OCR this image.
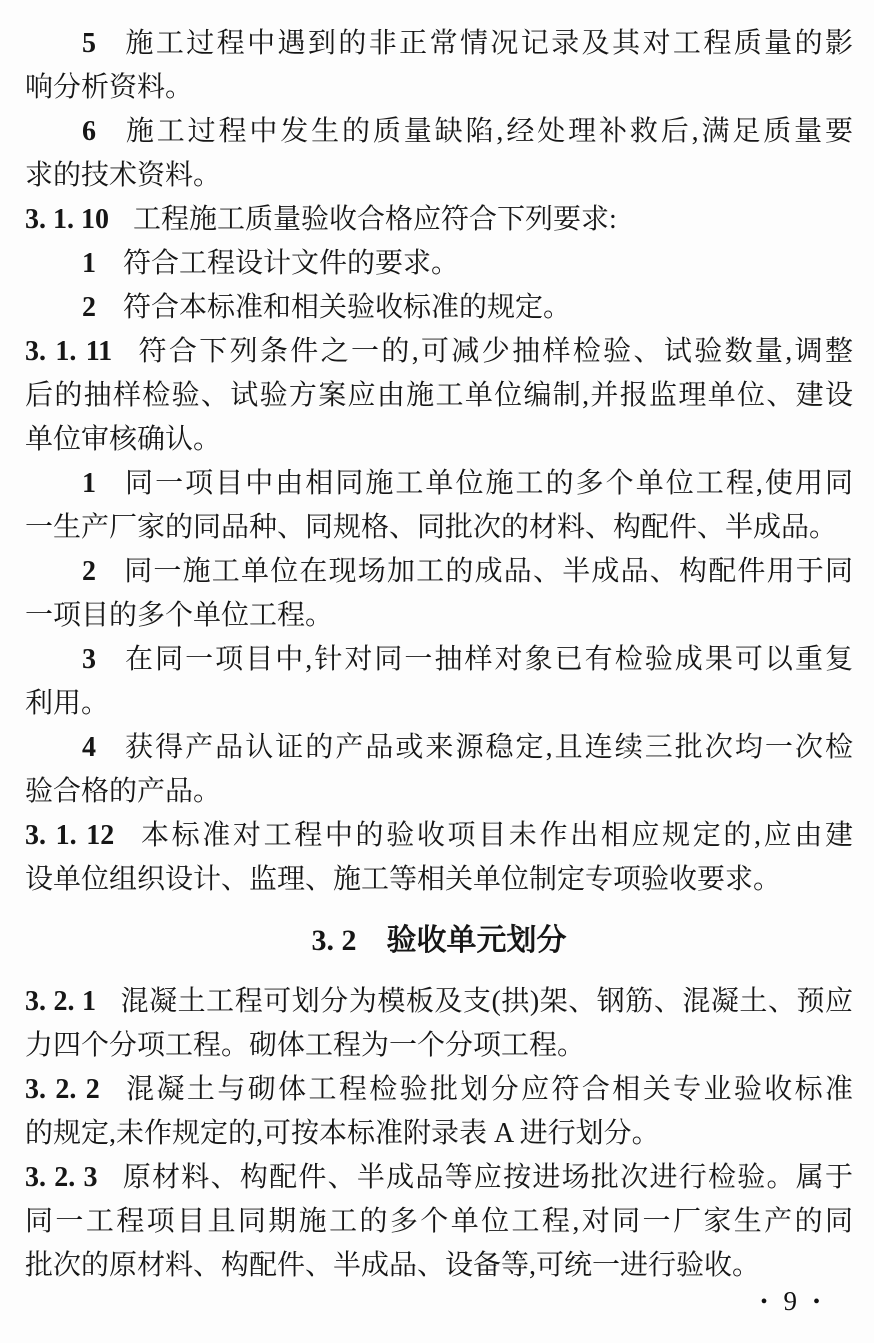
5 施工过程中遇到的非正常情况记录及其对工程质量的影
响分析资料。
6 施工过程中发生的质量缺陷,经处理补救后,满足质量要
求的技术资料。
3. 1. 10 工程施工质量验收合格应符合下列要求:
1 符合工程设计文件的要求。
2 符合本标准和相关验收标准的规定。
3. 1. 11 符合下列条件之一的,可减少抽样检验、试验数量,调整
后的抽样检验、试验方案应由施工单位编制,并报监理单位、建设
单位审核确认。
1 同一项目中由相同施工单位施工的多个单位工程,使用同
一生产厂家的同品种、同规格、同批次的材料、构配件、半成品。
2 同一施工单位在现场加工的成品、半成品、构配件用于同
一项目的多个单位工程。
3 在同一项目中,针对同一抽样对象已有检验成果可以重复
利用。
4 获得产品认证的产品或来源稳定,且连续三批次均一次检
验合格的产品。
3. 1. 12 本标准对工程中的验收项目未作出相应规定的,应由建
设单位组织设计、监理、施工等相关单位制定专项验收要求。
3. 2 验收单元划分
3. 2. 1 混凝土工程可划分为模板及支(拱)架、钢筋、混凝土、预应
力四个分项工程。砌体工程为一个分项工程。
3. 2. 2 混凝土与砌体工程检验批划分应符合相关专业验收标准
的规定,未作规定的,可按本标准附录表 A 进行划分。
3. 2. 3 原材料、构配件、半成品等应按进场批次进行检验。属于
同一工程项目且同期施工的多个单位工程,对同一厂家生产的同
批次的原材料、构配件、半成品、设备等,可统一进行验收。
• 9 •
